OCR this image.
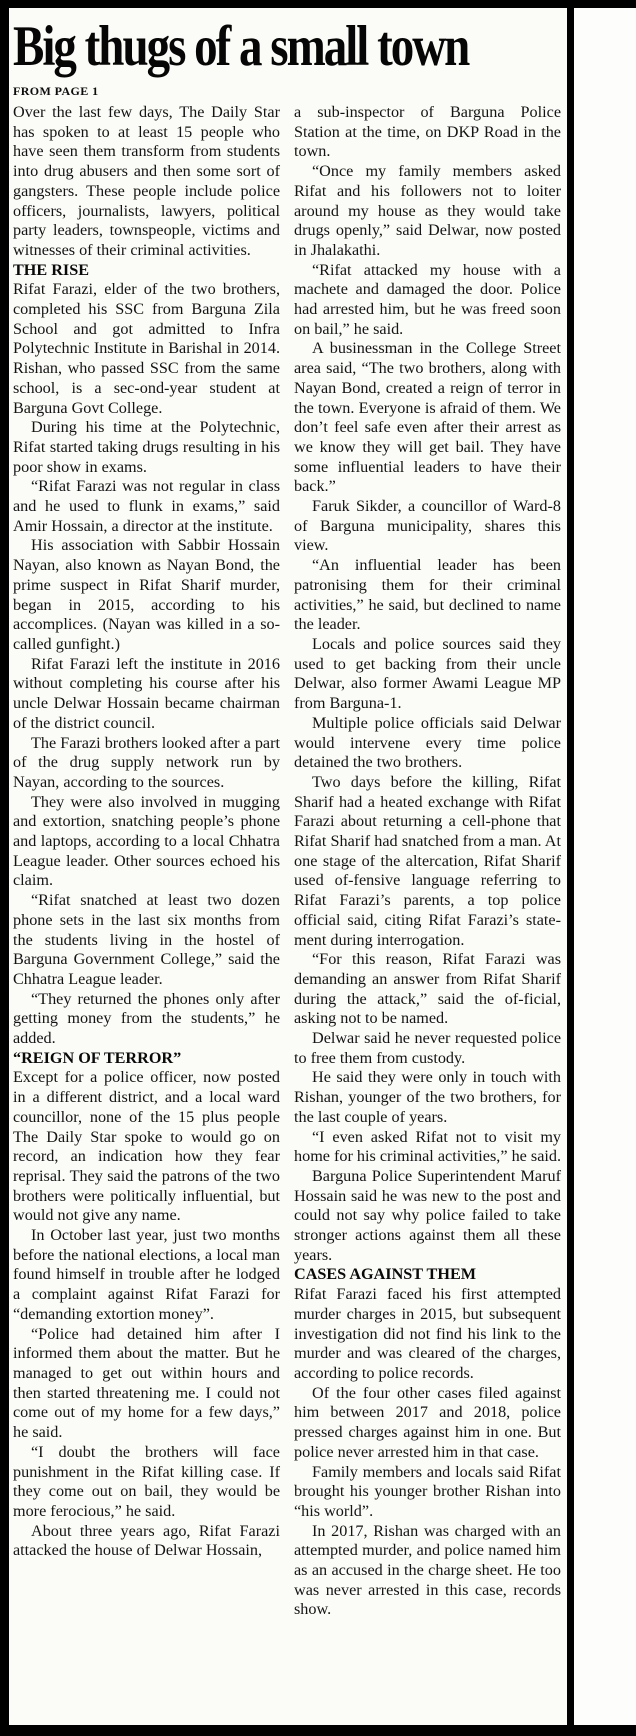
Big thugs of a small town
FROM PAGE 1

Over the last few days, The Daily Star has spoken to at least 15 people who have seen them transform from students into drug abusers and then some sort of gangsters. These people include police officers, journalists, lawyers, political party leaders, townspeople, victims and witnesses of their criminal activities.

THE RISE

Rifat Farazi, elder of the two brothers, completed his SSC from Barguna Zila School and got admitted to Infra Polytechnic Institute in Barishal in 2014. Rishan, who passed SSC from the same school, is a sec-ond-year student at Barguna Govt College.

During his time at the Polytechnic, Rifat started taking drugs resulting in his poor show in exams.

“Rifat Farazi was not regular in class and he used to flunk in exams,” said Amir Hossain, a director at the institute.

His association with Sabbir Hossain Nayan, also known as Nayan Bond, the prime suspect in Rifat Sharif murder, began in 2015, according to his accomplices. (Nayan was killed in a so-called gunfight.)

Rifat Farazi left the institute in 2016 without completing his course after his uncle Delwar Hossain became chairman of the district council.

The Farazi brothers looked after a part of the drug supply network run by Nayan, according to the sources.

They were also involved in mugging and extortion, snatching people’s phone and laptops, according to a local Chhatra League leader. Other sources echoed his claim.

“Rifat snatched at least two dozen phone sets in the last six months from the students living in the hostel of Barguna Government College,” said the Chhatra League leader.

“They returned the phones only after getting money from the students,” he added.

“REIGN OF TERROR”

Except for a police officer, now posted in a different district, and a local ward councillor, none of the 15 plus people The Daily Star spoke to would go on record, an indication how they fear reprisal. They said the patrons of the two brothers were politically influential, but would not give any name.

In October last year, just two months before the national elections, a local man found himself in trouble after he lodged a complaint against Rifat Farazi for “demanding extortion money”.

“Police had detained him after I informed them about the matter. But he managed to get out within hours and then started threatening me. I could not come out of my home for a few days,” he said.

“I doubt the brothers will face punishment in the Rifat killing case. If they come out on bail, they would be more ferocious,” he said.

About three years ago, Rifat Farazi attacked the house of Delwar Hossain,

a sub-inspector of Barguna Police Station at the time, on DKP Road in the town.

“Once my family members asked Rifat and his followers not to loiter around my house as they would take drugs openly,” said Delwar, now posted in Jhalakathi.

“Rifat attacked my house with a machete and damaged the door. Police had arrested him, but he was freed soon on bail,” he said.

A businessman in the College Street area said, “The two brothers, along with Nayan Bond, created a reign of terror in the town. Everyone is afraid of them. We don’t feel safe even after their arrest as we know they will get bail. They have some influential leaders to have their back.”

Faruk Sikder, a councillor of Ward-8 of Barguna municipality, shares this view.

“An influential leader has been patronising them for their criminal activities,” he said, but declined to name the leader.

Locals and police sources said they used to get backing from their uncle Delwar, also former Awami League MP from Barguna-1.

Multiple police officials said Delwar would intervene every time police detained the two brothers.

Two days before the killing, Rifat Sharif had a heated exchange with Rifat Farazi about returning a cell-phone that Rifat Sharif had snatched from a man. At one stage of the altercation, Rifat Sharif used of-fensive language referring to Rifat Farazi’s parents, a top police official said, citing Rifat Farazi’s state-ment during interrogation.

“For this reason, Rifat Farazi was demanding an answer from Rifat Sharif during the attack,” said the of-ficial, asking not to be named.

Delwar said he never requested police to free them from custody.

He said they were only in touch with Rishan, younger of the two brothers, for the last couple of years.

“I even asked Rifat not to visit my home for his criminal activities,” he said.

Barguna Police Superintendent Maruf Hossain said he was new to the post and could not say why police failed to take stronger actions against them all these years.

CASES AGAINST THEM

Rifat Farazi faced his first attempted murder charges in 2015, but subsequent investigation did not find his link to the murder and was cleared of the charges, according to police records.

Of the four other cases filed against him between 2017 and 2018, police pressed charges against him in one. But police never arrested him in that case.

Family members and locals said Rifat brought his younger brother Rishan into “his world”.

In 2017, Rishan was charged with an attempted murder, and police named him as an accused in the charge sheet. He too was never arrested in this case, records show.
